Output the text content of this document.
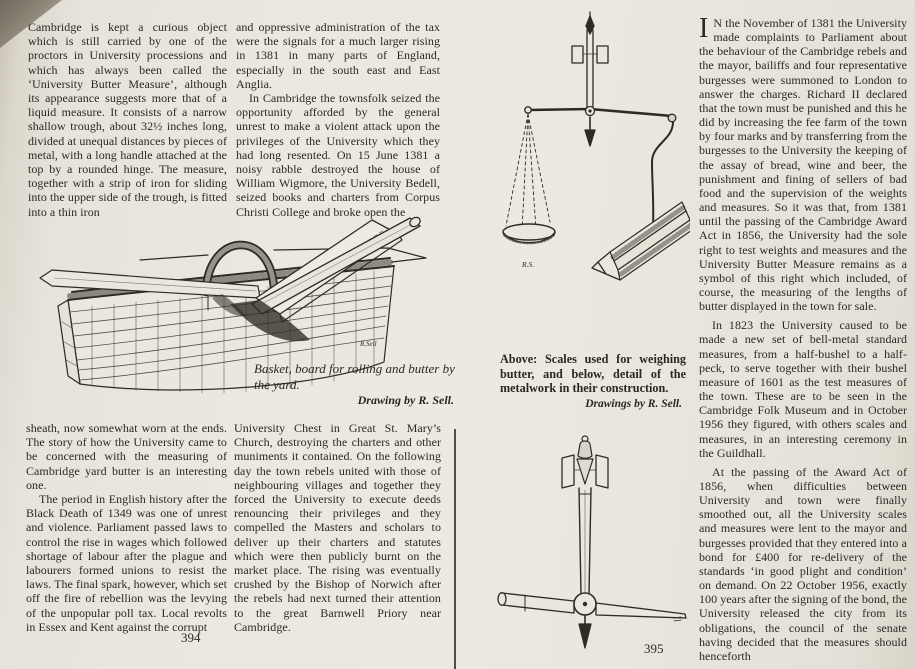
Cambridge is kept a curious object which is still carried by one of the proctors in University processions and which has always been called the ‘University Butter Measure’, although its appearance suggests more that of a liquid measure. It consists of a narrow shallow trough, about 32½ inches long, divided at unequal distances by pieces of metal, with a long handle attached at the top by a rounded hinge. The measure, together with a strip of iron for sliding into the upper side of the trough, is fitted into a thin iron

and oppressive administration of the tax were the signals for a much larger rising in 1381 in many parts of England, especially in the south east and East Anglia.

In Cambridge the townsfolk seized the opportunity afforded by the general unrest to make a violent attack upon the privileges of the University which they had long resented. On 15 June 1381 a noisy rabble destroyed the house of William Wigmore, the University Bedell, seized books and charters from Corpus Christi College and broke open the

R.Sell

Basket, board for rolling and butter by the yard.

Drawing by R. Sell.

sheath, now somewhat worn at the ends. The story of how the University came to be concerned with the measuring of Cambridge yard butter is an interesting one.

The period in English history after the Black Death of 1349 was one of unrest and violence. Parliament passed laws to control the rise in wages which followed shortage of labour after the plague and labourers formed unions to resist the laws. The final spark, however, which set off the fire of rebellion was the levying of the unpopular poll tax. Local revolts in Essex and Kent against the corrupt

University Chest in Great St. Mary’s Church, destroying the charters and other muniments it contained. On the following day the town rebels united with those of neighbouring villages and together they forced the University to execute deeds renouncing their privileges and they compelled the Masters and scholars to deliver up their charters and statutes which were then publicly burnt on the market place. The rising was eventually crushed by the Bishop of Norwich after the rebels had next turned their attention to the great Barnwell Priory near Cambridge.

394
R.S.

Above: Scales used for weighing butter, and below, detail of the metalwork in their construction.

Drawings by R. Sell.

I N the November of 1381 the University made complaints to Parliament about the behaviour of the Cambridge rebels and the mayor, bailiffs and four representative burgesses were summoned to London to answer the charges. Richard II declared that the town must be punished and this he did by increasing the fee farm of the town by four marks and by transferring from the burgesses to the University the keeping of the assay of bread, wine and beer, the punishment and fining of sellers of bad food and the supervision of the weights and measures. So it was that, from 1381 until the passing of the Cambridge Award Act in 1856, the University had the sole right to test weights and measures and the University Butter Measure remains as a symbol of this right which included, of course, the measuring of the lengths of butter displayed in the town for sale.

In 1823 the University caused to be made a new set of bell-metal standard measures, from a half-bushel to a half-peck, to serve together with their bushel measure of 1601 as the test measures of the town. These are to be seen in the Cambridge Folk Museum and in October 1956 they figured, with others scales and measures, in an interesting ceremony in the Guildhall.

At the passing of the Award Act of 1856, when difficulties between University and town were finally smoothed out, all the University scales and measures were lent to the mayor and burgesses provided that they entered into a bond for £400 for re-delivery of the standards ‘in good plight and condition’ on demand. On 22 October 1956, exactly 100 years after the signing of the bond, the University released the city from its obligations, the council of the senate having decided that the measures should henceforth

395
